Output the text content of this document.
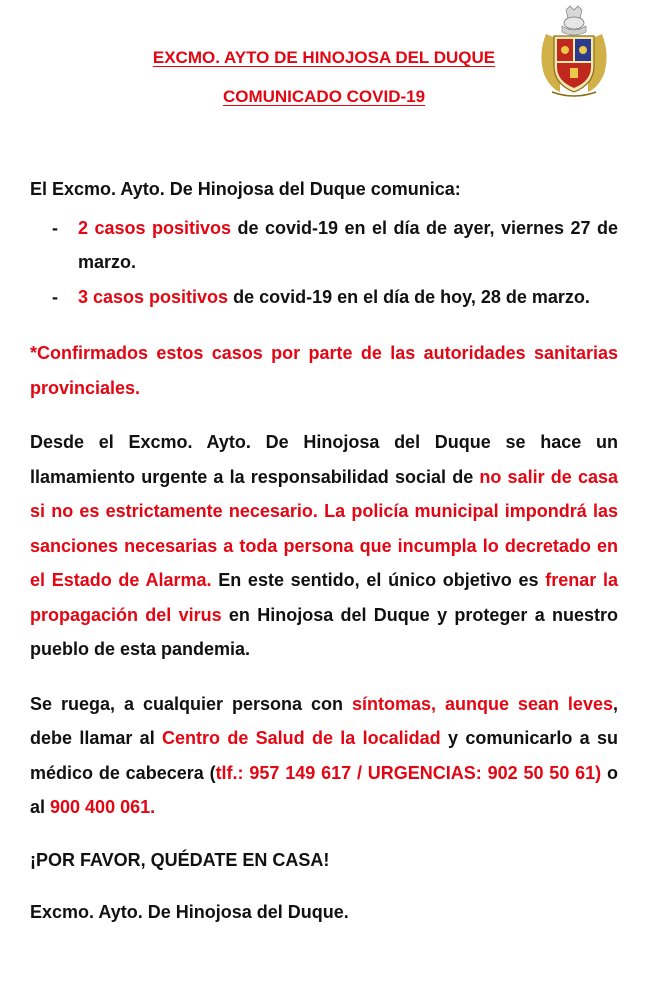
EXCMO. AYTO DE HINOJOSA DEL DUQUE
COMUNICADO COVID-19

El Excmo. Ayto. De Hinojosa del Duque comunica:

- 2 casos positivos de covid-19 en el día de ayer, viernes 27 de marzo.
- 3 casos positivos de covid-19 en el día de hoy, 28 de marzo.

*Confirmados estos casos por parte de las autoridades sanitarias provinciales.

Desde el Excmo. Ayto. De Hinojosa del Duque se hace un llamamiento urgente a la responsabilidad social de no salir de casa si no es estrictamente necesario. La policía municipal impondrá las sanciones necesarias a toda persona que incumpla lo decretado en el Estado de Alarma. En este sentido, el único objetivo es frenar la propagación del virus en Hinojosa del Duque y proteger a nuestro pueblo de esta pandemia.

Se ruega, a cualquier persona con síntomas, aunque sean leves, debe llamar al Centro de Salud de la localidad y comunicarlo a su médico de cabecera (tlf.: 957 149 617 / URGENCIAS: 902 50 50 61) o al 900 400 061.

¡POR FAVOR, QUÉDATE EN CASA!

Excmo. Ayto. De Hinojosa del Duque.
